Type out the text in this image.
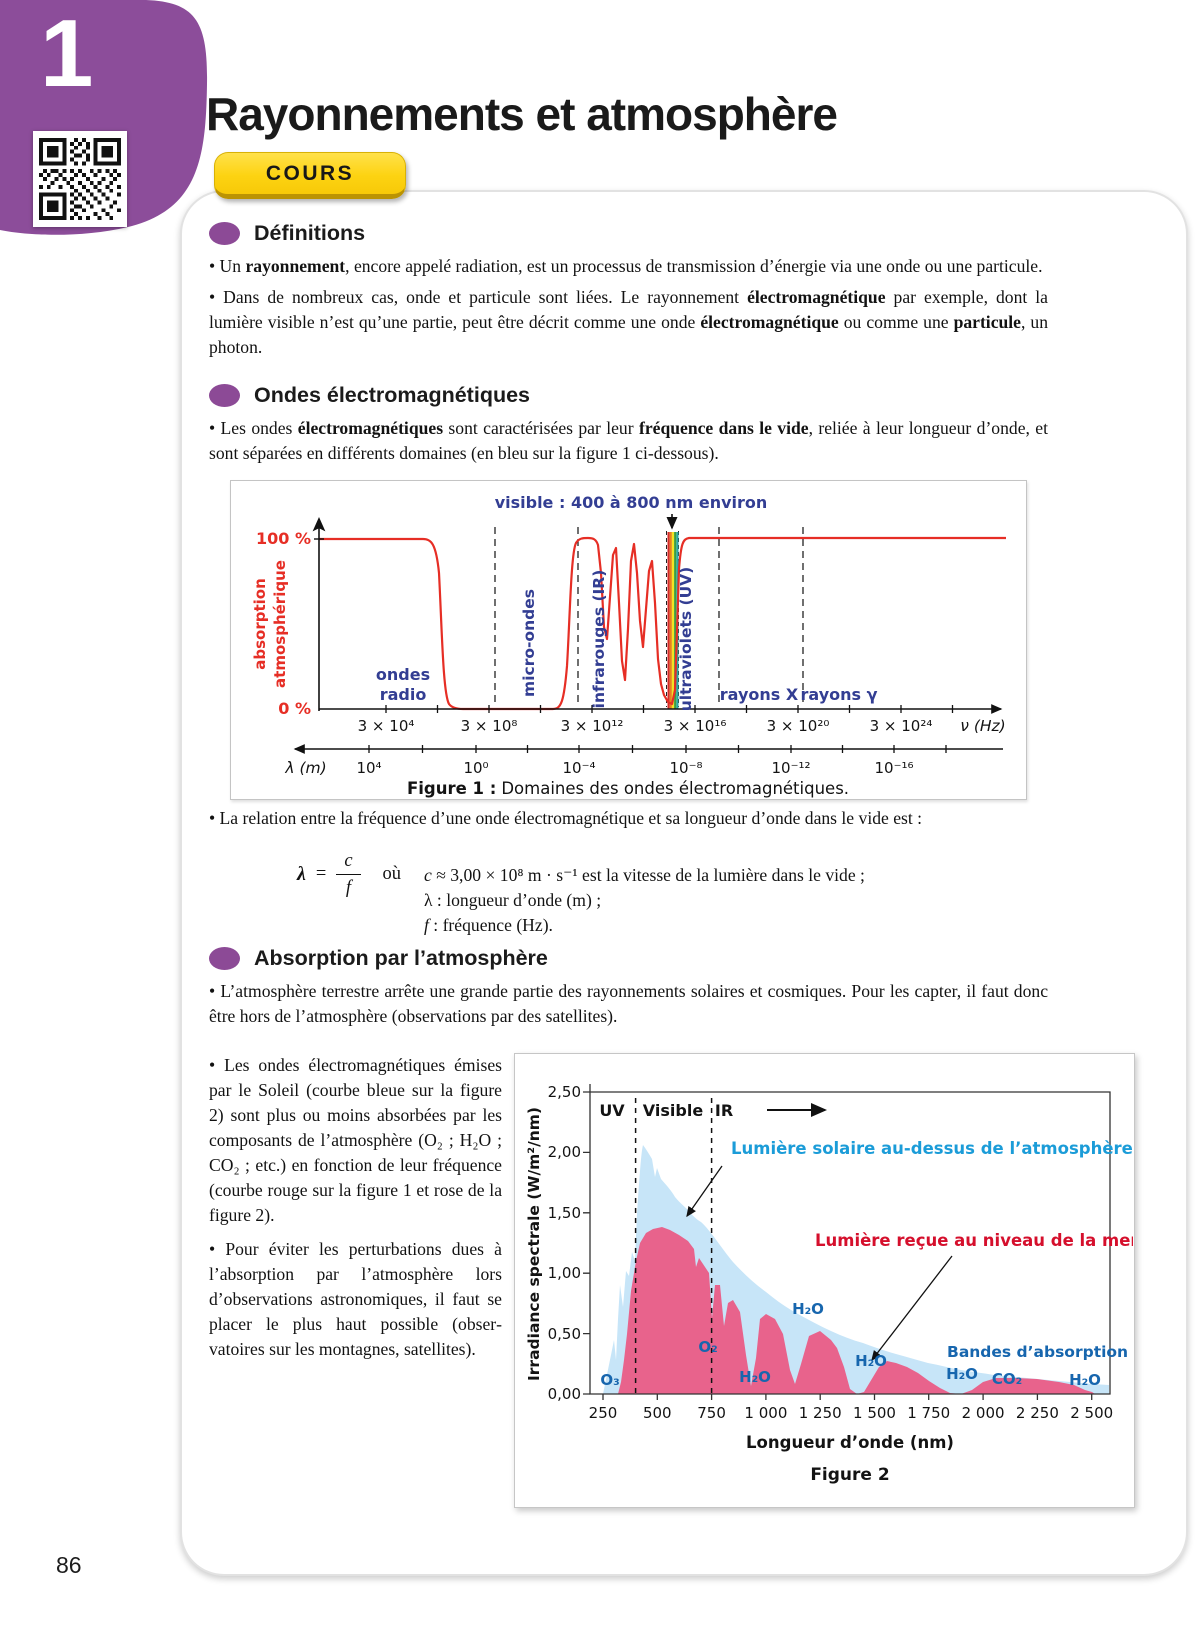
1
Rayonnements et atmosphère
COURS
Définitions

• Un rayonnement, encore appelé radiation, est un processus de transmission d’énergie via une onde ou une particule.

• Dans de nombreux cas, onde et particule sont liées. Le rayonnement électromagnétique par exemple, dont la lumière visible n’est qu’une partie, peut être décrit comme une onde électromagnétique ou comme une particule, un photon.

Ondes électromagnétiques

• Les ondes électromagnétiques sont caractérisées par leur fréquence dans le vide, reliée à leur longueur d’onde, et sont séparées en différents domaines (en bleu sur la figure 1 ci-dessous).

visible : 400 à 800 nm environ
100 %
0 %
absorption atmosphérique	ondes
radio	micro-ondes	infrarouges (IR)	ultraviolets (UV) rayons X rayons γ
3 × 10⁴	3 × 10⁸	3 × 10¹²	3 × 10¹⁶	3 × 10²⁰	3 × 10²⁴ ν (Hz)
λ (m) 10⁴	10⁰	10⁻⁴	10⁻⁸	10⁻¹²	10⁻¹⁶
Figure 1 : Domaines des ondes électromagnétiques.

• La relation entre la fréquence d’une onde électromagnétique et sa longueur d’onde dans le vide est :

$\lambda = \frac{c}{f}$ où c ≈ 3,00 × 10⁸ m · s⁻¹ est la vitesse de la lumière dans le vide ;
λ : longueur d’onde (m) ;
f : fréquence (Hz).
Absorption par l’atmosphère

• L’atmosphère terrestre arrête une grande partie des rayonnements solaires et cosmiques. Pour les capter, il faut donc être hors de l’atmosphère (observations par des satellites).

• Les ondes électromagnétiques émises par le Soleil (courbe bleue sur la figure 2) sont plus ou moins absorbées par les composants de l’atmosphère (O₂ ; H₂O ; CO₂ ; etc.) en fonction de leur fréquence (courbe rouge sur la figure 1 et rose de la figure 2).

• Pour éviter les perturbations dues à l’absorption par l’atmosphère lors d’observations astronomiques, il faut se placer le plus haut possible (observatoires sur les montagnes, satellites).

2,50
2,00
1,50
1,00
0,50
0,00
Irradiance spectrale (W/m²/nm)	UV Visible IR
Lumière solaire au-dessus de l’atmosphère
Lumière reçue au niveau de la mer
Bandes d’absorption
O₃
O₂
H₂O
H₂O
H₂O
H₂O CO₂	H₂O
250 500 750 1 000 1 250 1 500 1 750 2 000 2 250 2 500
Longueur d’onde (nm)
Figure 2
86
